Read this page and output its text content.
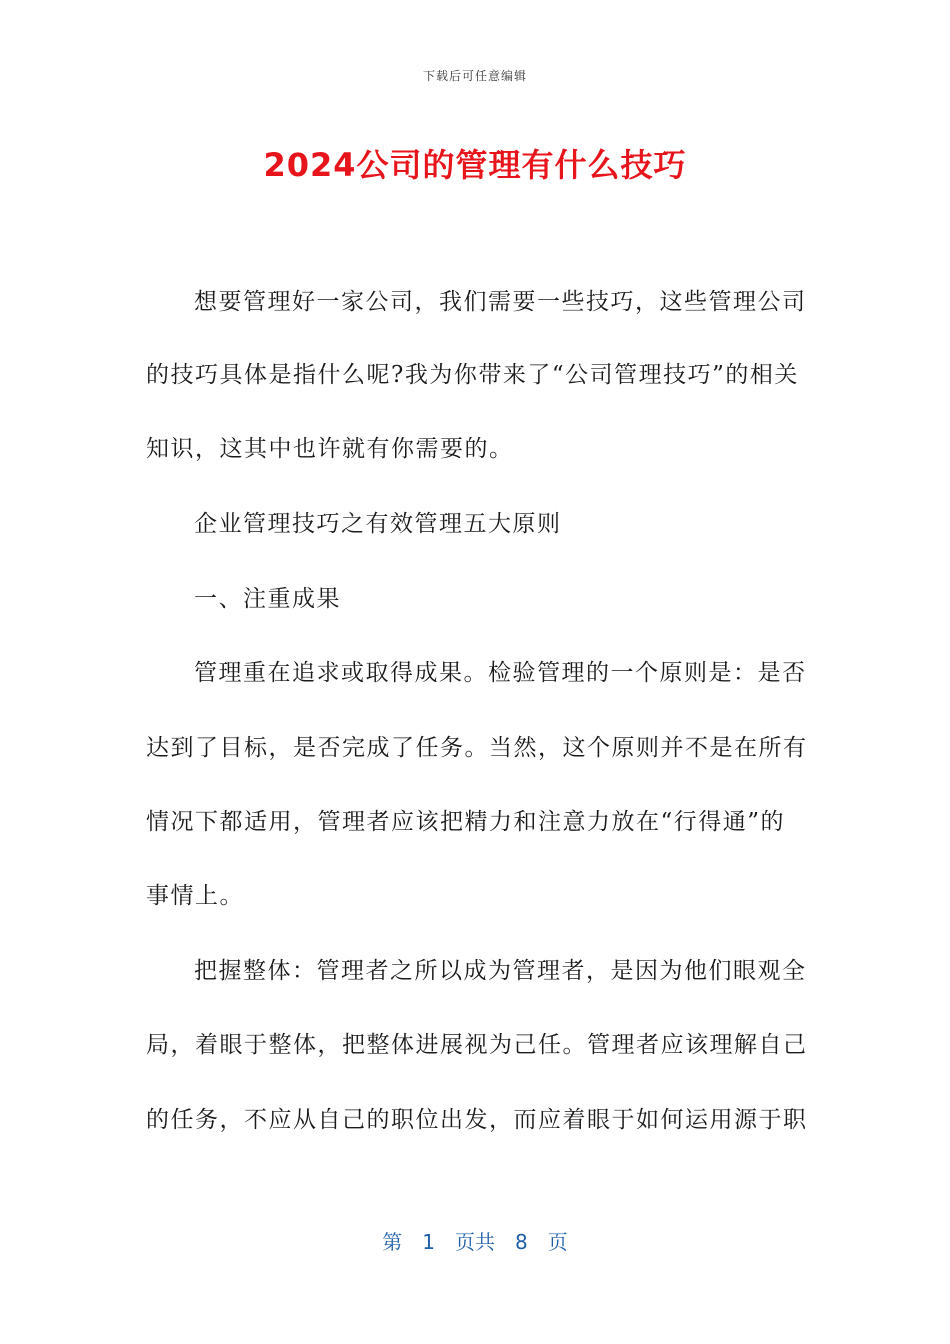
下载后可任意编辑
2024公司的管理有什么技巧
想要管理好一家公司，我们需要一些技巧，这些管理公司
的技巧具体是指什么呢?我为你带来了“公司管理技巧”的相关
知识，这其中也许就有你需要的。
企业管理技巧之有效管理五大原则
一、注重成果
管理重在追求或取得成果。检验管理的一个原则是：是否
达到了目标，是否完成了任务。当然，这个原则并不是在所有
情况下都适用，管理者应该把精力和注意力放在“行得通”的
事情上。
把握整体：管理者之所以成为管理者，是因为他们眼观全
局，着眼于整体，把整体进展视为己任。管理者应该理解自己
的任务，不应从自己的职位出发，而应着眼于如何运用源于职
第 1 页共 8 页
